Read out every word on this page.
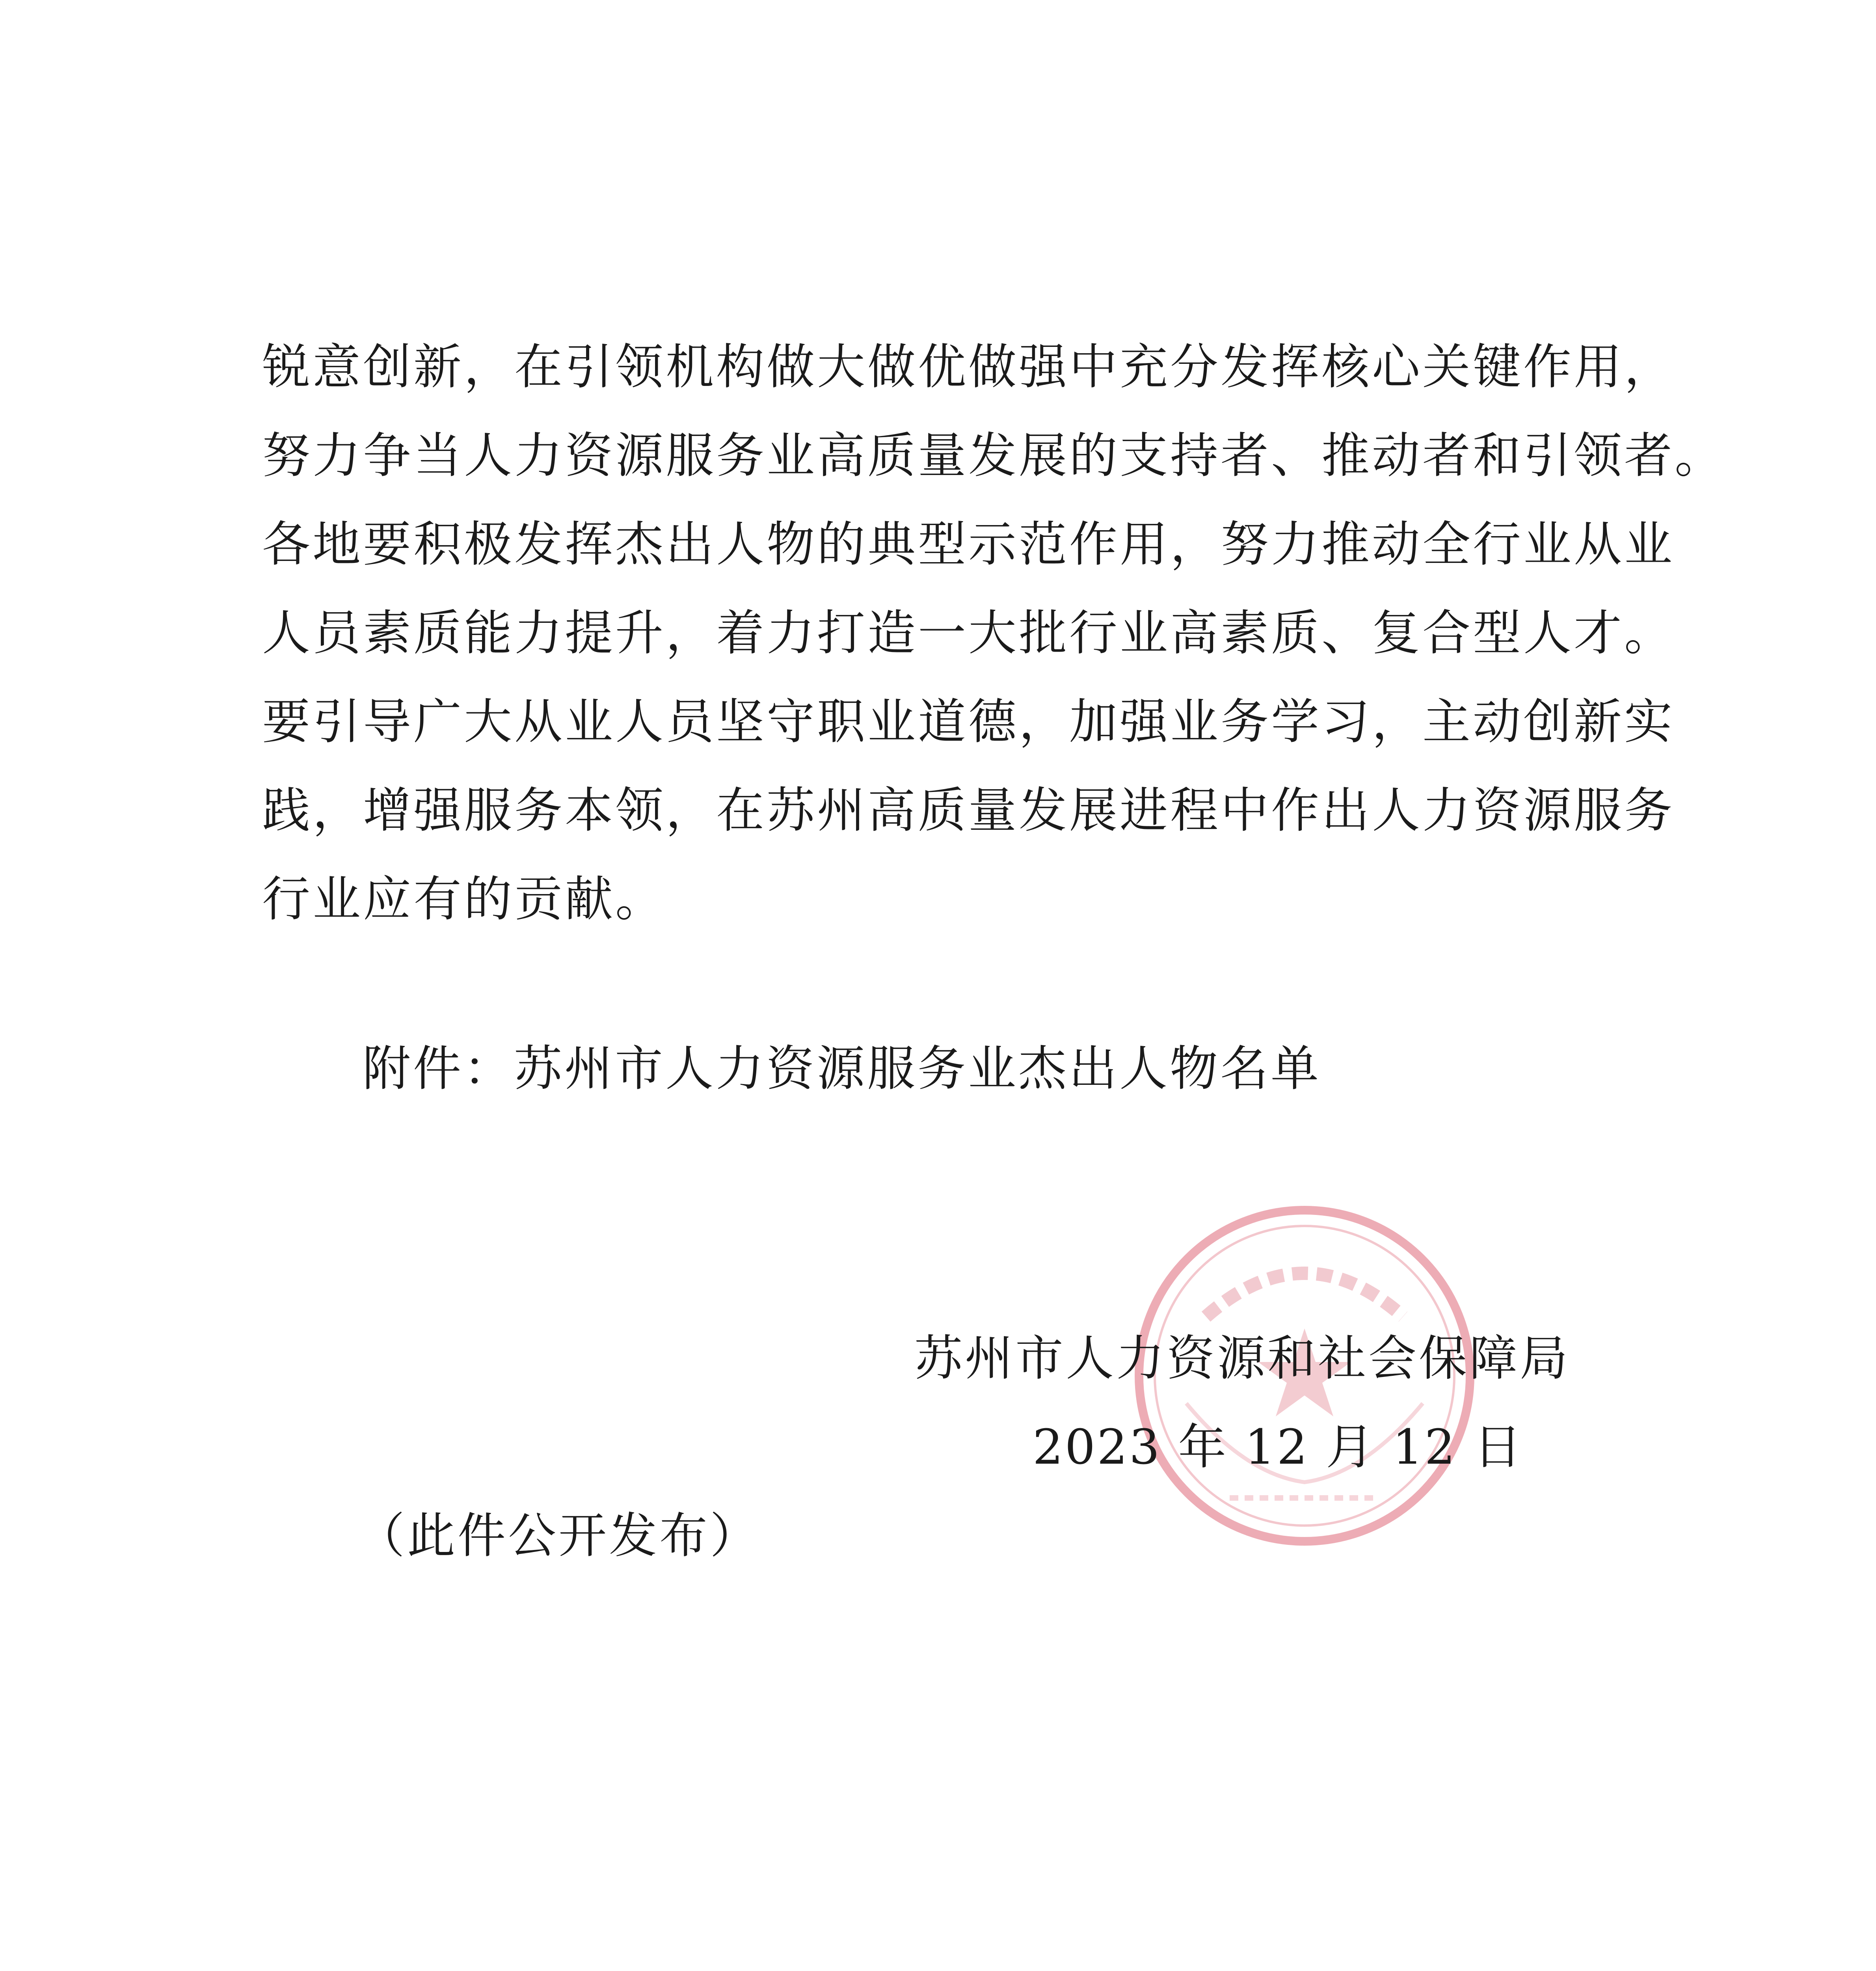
锐意创新，在引领机构做大做优做强中充分发挥核心关键作用，
努力争当人力资源服务业高质量发展的支持者、推动者和引领者。
各地要积极发挥杰出人物的典型示范作用，努力推动全行业从业
人员素质能力提升，着力打造一大批行业高素质、复合型人才。
要引导广大从业人员坚守职业道德，加强业务学习，主动创新实
践，增强服务本领，在苏州高质量发展进程中作出人力资源服务
行业应有的贡献。
附件：苏州市人力资源服务业杰出人物名单
苏州市人力资源和社会保障局
2023 年 12 月 12 日
（此件公开发布）
